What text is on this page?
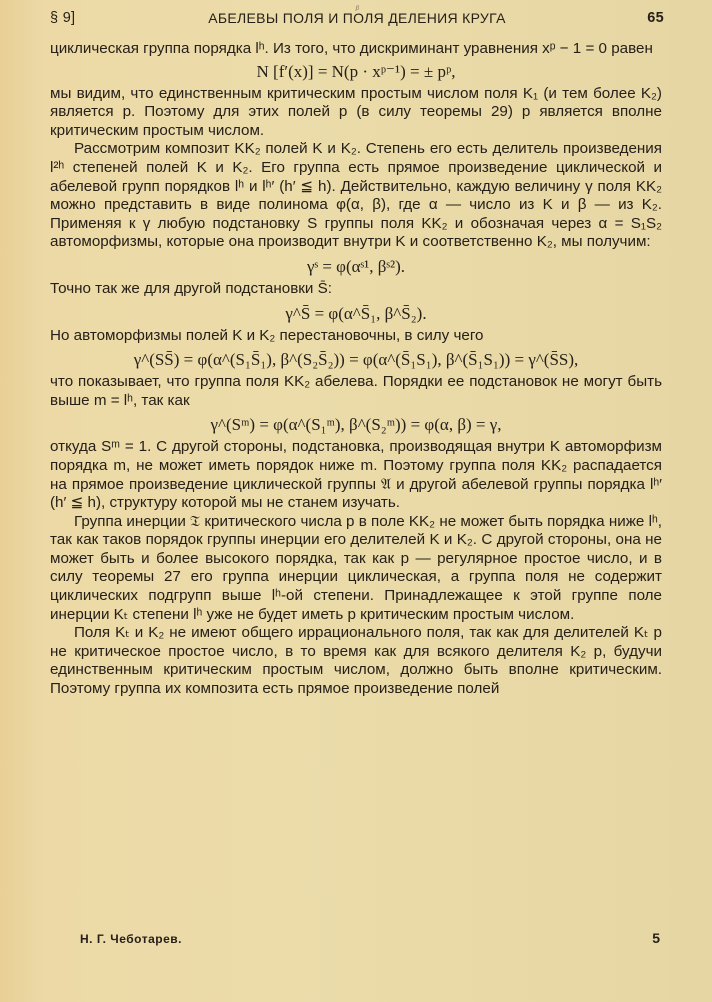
ᵦ
§ 9]	АБЕЛЕВЫ ПОЛЯ И ПОЛЯ ДЕЛЕНИЯ КРУГА	65

циклическая группа порядка lʰ. Из того, что дискриминант уравнения xᵖ − 1 = 0 равен

N [f′(x)] = N(p · xᵖ⁻¹) = ± pᵖ,

мы видим, что единственным критическим простым числом поля K₁ (и тем более K₂) является p. Поэтому для этих полей p (в силу теоремы 29) p является вполне критическим простым числом.

Рассмотрим композит KK₂ полей K и K₂. Степень его есть делитель произведения l²ʰ степеней полей K и K₂. Его группа есть прямое произведение циклической и абелевой групп порядков lʰ и lʰ′ (h′ ≦ h). Действительно, каждую величину γ поля KK₂ можно представить в виде полинома φ(α, β), где α — число из K и β — из K₂. Применяя к γ любую подстановку S группы поля KK₂ и обозначая через α = S₁S₂ автоморфизмы, которые она производит внутри K и соответственно K₂, мы получим:

γˢ = φ(αˢ¹, βˢ²).

Точно так же для другой подстановки S̄:

γ^S̄ = φ(α^S̄₁, β^S̄₂).

Но автоморфизмы полей K и K₂ перестановочны, в силу чего

γ^(SS̄) = φ(α^(S₁S̄₁), β^(S₂S̄₂)) = φ(α^(S̄₁S₁), β^(S̄₁S₁)) = γ^(S̄S),

что показывает, что группа поля KK₂ абелева. Порядки ее подстановок не могут быть выше m = lʰ, так как

γ^(Sᵐ) = φ(α^(S₁ᵐ), β^(S₂ᵐ)) = φ(α, β) = γ,

откуда Sᵐ = 1. С другой стороны, подстановка, производящая внутри K автоморфизм порядка m, не может иметь порядок ниже m. Поэтому группа поля KK₂ распадается на прямое произведение циклической группы 𝔄 и другой абелевой группы порядка lʰ′ (h′ ≦ h), структуру которой мы не станем изучать.

Группа инерции 𝔗 критического числа p в поле KK₂ не может быть порядка ниже lʰ, так как таков порядок группы инерции его делителей K и K₂. С другой стороны, она не может быть и более высокого порядка, так как p — регулярное простое число, и в силу теоремы 27 его группа инерции циклическая, а группа поля не содержит циклических подгрупп выше lʰ-ой степени. Принадлежащее к этой группе поле инерции Kₜ степени lʰ уже не будет иметь p критическим простым числом.

Поля Kₜ и K₂ не имеют общего иррационального поля, так как для делителей Kₜ p не критическое простое число, в то время как для всякого делителя K₂ p, будучи единственным критическим простым числом, должно быть вполне критическим. Поэтому группа их композита есть прямое произведение полей

Н. Г. Чеботарев.	5
